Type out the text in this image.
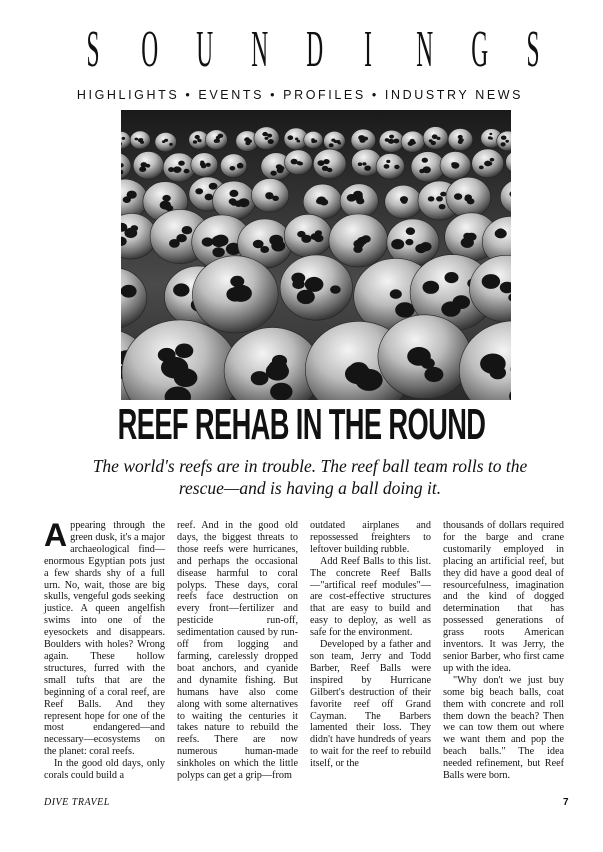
S O U N D I N G S
HIGHLIGHTS • EVENTS • PROFILES • INDUSTRY NEWS
REEF REHAB IN THE ROUND
The world's reefs are in trouble. The reef ball team rolls to the rescue—and is having a ball doing it.

Appearing through the green dusk, it's a major archaeological find—enormous Egyptian pots just a few shards shy of a full urn. No, wait, those are big skulls, vengeful gods seeking justice. A queen angelfish swims into one of the eyesockets and disappears. Boulders with holes? Wrong again. These hollow structures, furred with the small tufts that are the beginning of a coral reef, are Reef Balls. And they represent hope for one of the most endangered—and necessary—ecosystems on the planet: coral reefs.

In the good old days, only corals could build a

reef. And in the good old days, the biggest threats to those reefs were hurricanes, and perhaps the occasional disease harmful to coral polyps. These days, coral reefs face destruction on every front—fertilizer and pesticide run-off, sedimentation caused by run-off from logging and farming, carelessly dropped boat anchors, and cyanide and dynamite fishing. But humans have also come along with some alternatives to waiting the centuries it takes nature to rebuild the reefs. There are now numerous human-made sinkholes on which the little polyps can get a grip—from

outdated airplanes and repossessed freighters to leftover building rubble.

Add Reef Balls to this list. The concrete Reef Balls—"artifical reef modules"—are cost-effective structures that are easy to build and easy to deploy, as well as safe for the environment.

Developed by a father and son team, Jerry and Todd Barber, Reef Balls were inspired by Hurricane Gilbert's destruction of their favorite reef off Grand Cayman. The Barbers lamented their loss. They didn't have hundreds of years to wait for the reef to rebuild itself, or the

thousands of dollars required for the barge and crane customarily employed in placing an artificial reef, but they did have a good deal of resourcefulness, imagination and the kind of dogged determination that has possessed generations of grass roots American inventors. It was Jerry, the senior Barber, who first came up with the idea.

"Why don't we just buy some big beach balls, coat them with concrete and roll them down the beach? Then we can tow them out where we want them and pop the beach balls." The idea needed refinement, but Reef Balls were born.

DIVE TRAVEL	7
